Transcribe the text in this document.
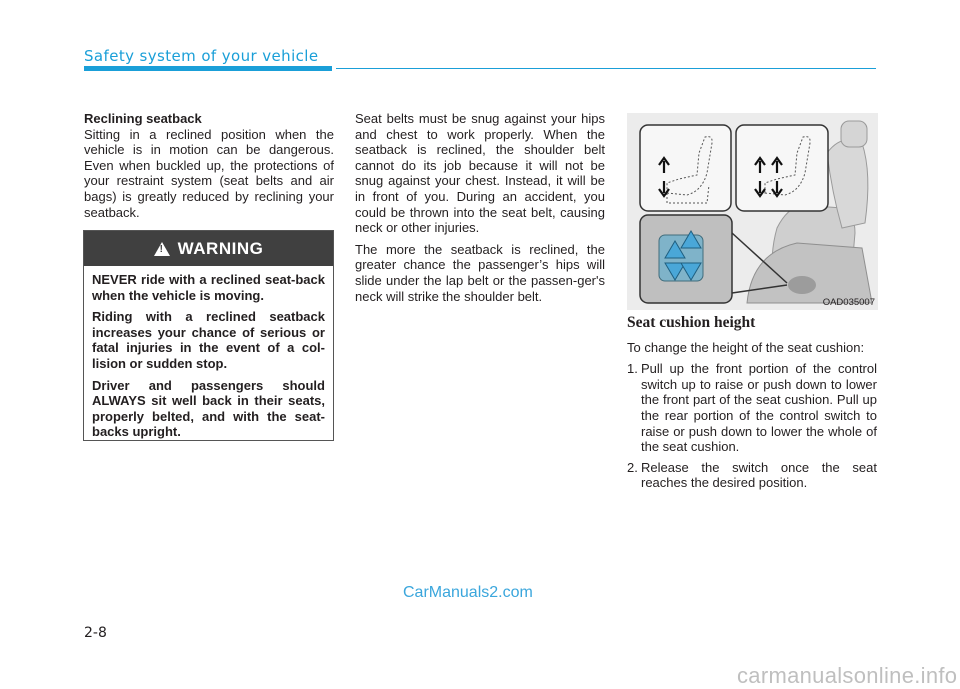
Safety system of your vehicle

Reclining seatback

Sitting in a reclined position when the vehicle is in motion can be dangerous. Even when buckled up, the protections of your restraint system (seat belts and air bags) is greatly reduced by reclining your seatback.

! WARNING

NEVER ride with a reclined seat-back when the vehicle is moving.

Riding with a reclined seatback increases your chance of serious or fatal injuries in the event of a col-lision or sudden stop.

Driver and passengers should ALWAYS sit well back in their seats, properly belted, and with the seat-backs upright.

Seat belts must be snug against your hips and chest to work properly. When the seatback is reclined, the shoulder belt cannot do its job because it will not be snug against your chest. Instead, it will be in front of you. During an accident, you could be thrown into the seat belt, causing neck or other injuries.

The more the seatback is reclined, the greater chance the passenger’s hips will slide under the lap belt or the passen-ger's neck will strike the shoulder belt.	OAD035007
Seat cushion height

To change the height of the seat cushion:

1. Pull up the front portion of the control switch up to raise or push down to lower the front part of the seat cushion. Pull up the rear portion of the control switch to raise or push down to lower the whole of the seat cushion.
2. Release the switch once the seat reaches the desired position.
CarManuals2.com
2-8
carmanualsonline.info
